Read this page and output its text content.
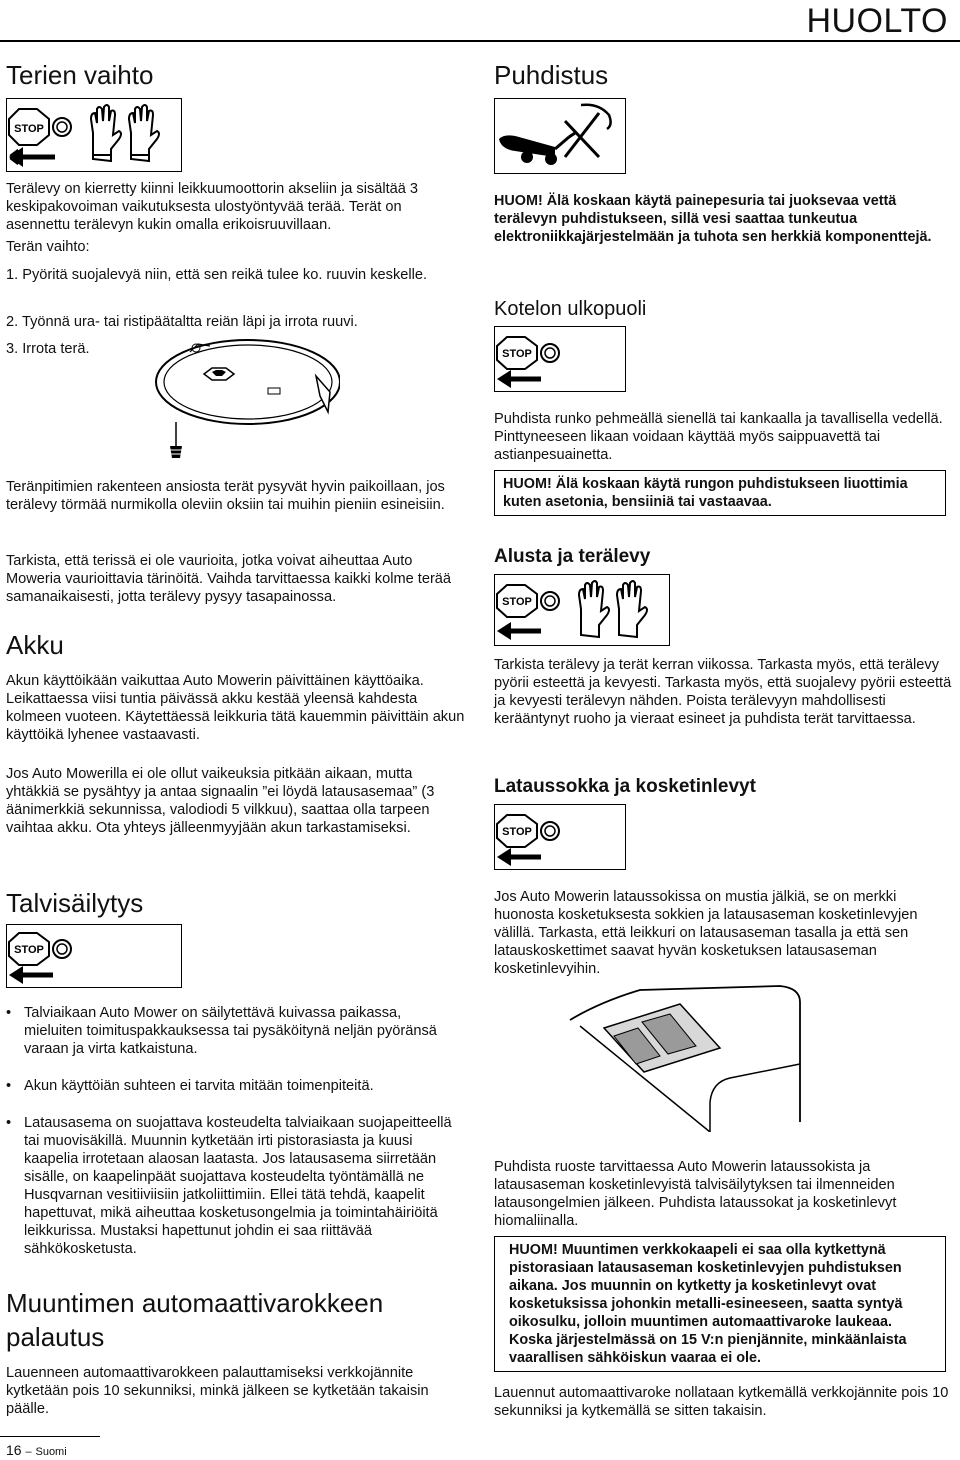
HUOLTO
Terien vaihto
STOP

Terälevy on kierretty kiinni leikkuumoottorin akseliin ja sisältää 3 keskipakovoiman vaikutuksesta ulostyöntyvää terää. Terät on asennettu terälevyn kukin omalla erikoisruuvillaan.

Terän vaihto:

1. Pyöritä suojalevyä niin, että sen reikä tulee ko. ruuvin keskelle.

2. Työnnä ura- tai ristipäätaltta reiän läpi ja irrota ruuvi.

3. Irrota terä.

Teränpitimien rakenteen ansiosta terät pysyvät hyvin paikoillaan, jos terälevy törmää nurmikolla oleviin oksiin tai muihin pieniin esineisiin.

Tarkista, että terissä ei ole vaurioita, jotka voivat aiheuttaa Auto Moweria vaurioittavia tärinöitä. Vaihda tarvittaessa kaikki kolme terää samanaikaisesti, jotta terälevy pysyy tasapainossa.

Akku

Akun käyttöikään vaikuttaa Auto Mowerin päivittäinen käyttöaika. Leikattaessa viisi tuntia päivässä akku kestää yleensä kahdesta kolmeen vuoteen. Käytettäessä leikkuria tätä kauemmin päivittäin akun käyttöikä lyhenee vastaavasti.

Jos Auto Mowerilla ei ole ollut vaikeuksia pitkään aikaan, mutta yhtäkkiä se pysähtyy ja antaa signaalin ”ei löydä latausasemaa” (3 äänimerkkiä sekunnissa, valodiodi 5 vilkkuu), saattaa olla tarpeen vaihtaa akku. Ota yhteys jälleenmyyjään akun tarkastamiseksi.

Talvisäilytys
STOP
• Talviaikaan Auto Mower on säilytettävä kuivassa paikassa, mieluiten toimituspakkauksessa tai pysäköitynä neljän pyöränsä varaan ja virta katkaistuna.
• Akun käyttöiän suhteen ei tarvita mitään toimenpiteitä.
• Latausasema on suojattava kosteudelta talviaikaan suojapeitteellä tai muovisäkillä. Muunnin kytketään irti pistorasiasta ja kuusi kaapelia irrotetaan alaosan laatasta. Jos latausasema siirretään sisälle, on kaapelinpäät suojattava kosteudelta työntämällä ne Husqvarnan vesitiiviisiin jatkoliittimiin. Ellei tätä tehdä, kaapelit hapettuvat, mikä aiheuttaa kosketusongelmia ja toimintahäiriöitä leikkurissa. Mustaksi hapettunut johdin ei saa riittävää sähkökosketusta.
Muuntimen automaattivarokkeen palautus

Lauenneen automaattivarokkeen palauttamiseksi verkkojännite kytketään pois 10 sekunniksi, minkä jälkeen se kytketään takaisin päälle.

16 – Suomi
Puhdistus
HUOM! Älä koskaan käytä painepesuria tai juoksevaa vettä terälevyn puhdistukseen, sillä vesi saattaa tunkeutua elektroniikkajärjestelmään ja tuhota sen herkkiä komponenttejä.
Kotelon ulkopuoli
STOP

Puhdista runko pehmeällä sienellä tai kankaalla ja tavallisella vedellä. Pinttyneeseen likaan voidaan käyttää myös saippuavettä tai astianpesuainetta.

HUOM! Älä koskaan käytä rungon puhdistukseen liuottimia kuten asetonia, bensiiniä tai vastaavaa.
Alusta ja terälevy
STOP

Tarkista terälevy ja terät kerran viikossa. Tarkasta myös, että terälevy pyörii esteettä ja kevyesti. Tarkasta myös, että suojalevy pyörii esteettä ja kevyesti terälevyn nähden. Poista terälevyyn mahdollisesti kerääntynyt ruoho ja vieraat esineet ja puhdista terät tarvittaessa.

Lataussokka ja kosketinlevyt
STOP

Jos Auto Mowerin lataussokissa on mustia jälkiä, se on merkki huonosta kosketuksesta sokkien ja latausaseman kosketinlevyjen välillä. Tarkasta, että leikkuri on latausaseman tasalla ja että sen latauskoskettimet saavat hyvän kosketuksen latausaseman kosketinlevyihin.

Puhdista ruoste tarvittaessa Auto Mowerin lataussokista ja latausaseman kosketinlevyistä talvisäilytyksen tai ilmenneiden latausongelmien jälkeen. Puhdista lataussokat ja kosketinlevyt hiomaliinalla.

HUOM! Muuntimen verkkokaapeli ei saa olla kytkettynä pistorasiaan latausaseman kosketinlevyjen puhdistuksen aikana. Jos muunnin on kytketty ja kosketinlevyt ovat kosketuksissa johonkin metalli-esineeseen, saatta syntyä oikosulku, jolloin muuntimen automaattivaroke laukeaa. Koska järjestelmässä on 15 V:n pienjännite, minkäänlaista vaarallisen sähköiskun vaaraa ei ole.

Lauennut automaattivaroke nollataan kytkemällä verkkojännite pois 10 sekunniksi ja kytkemällä se sitten takaisin.
